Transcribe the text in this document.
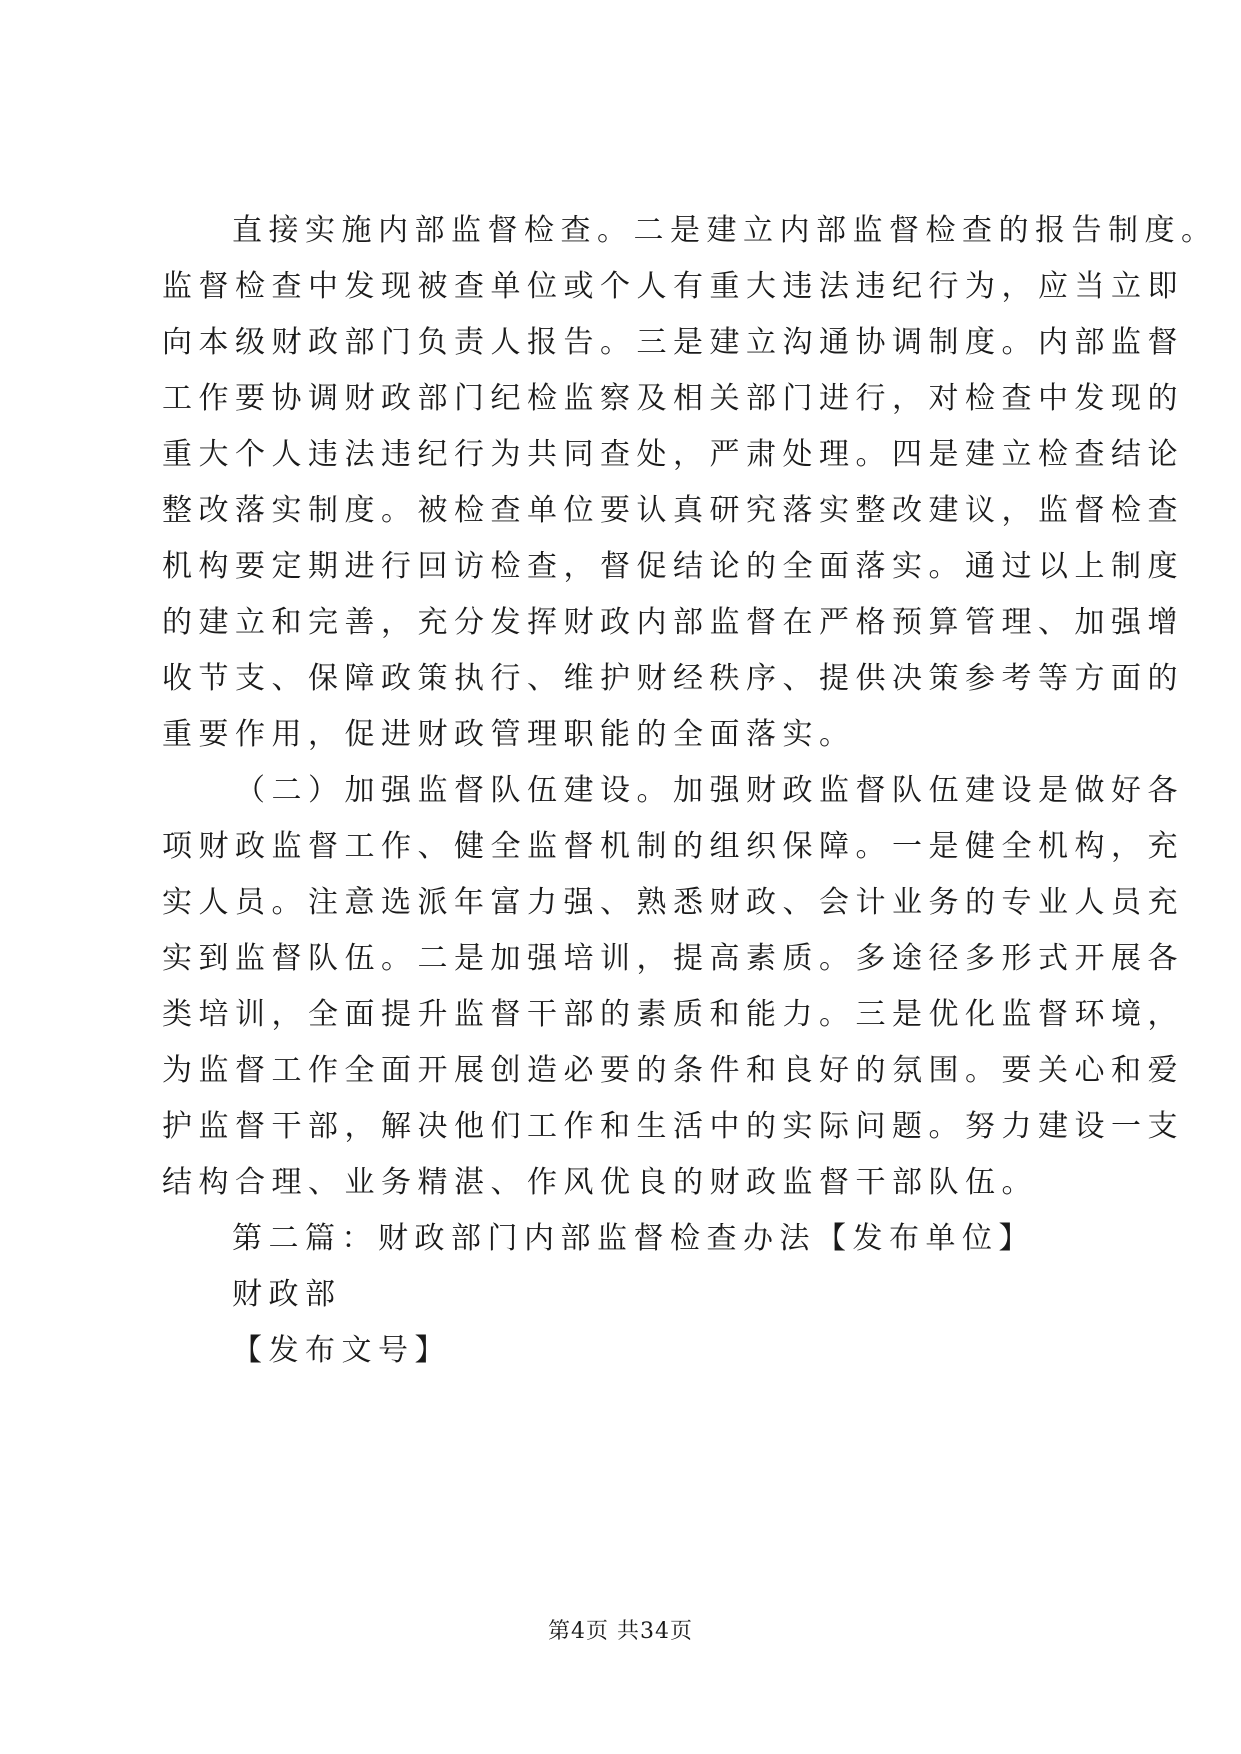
直接实施内部监督检查。二是建立内部监督检查的报告制度。
监督检查中发现被查单位或个人有重大违法违纪行为，应当立即
向本级财政部门负责人报告。三是建立沟通协调制度。内部监督
工作要协调财政部门纪检监察及相关部门进行，对检查中发现的
重大个人违法违纪行为共同查处，严肃处理。四是建立检查结论
整改落实制度。被检查单位要认真研究落实整改建议，监督检查
机构要定期进行回访检查，督促结论的全面落实。通过以上制度
的建立和完善，充分发挥财政内部监督在严格预算管理、加强增
收节支、保障政策执行、维护财经秩序、提供决策参考等方面的
重要作用，促进财政管理职能的全面落实。
（二）加强监督队伍建设。加强财政监督队伍建设是做好各
项财政监督工作、健全监督机制的组织保障。一是健全机构，充
实人员。注意选派年富力强、熟悉财政、会计业务的专业人员充
实到监督队伍。二是加强培训，提高素质。多途径多形式开展各
类培训，全面提升监督干部的素质和能力。三是优化监督环境，
为监督工作全面开展创造必要的条件和良好的氛围。要关心和爱
护监督干部，解决他们工作和生活中的实际问题。努力建设一支
结构合理、业务精湛、作风优良的财政监督干部队伍。
第二篇：财政部门内部监督检查办法【发布单位】
财政部
【发布文号】
第4页 共34页
